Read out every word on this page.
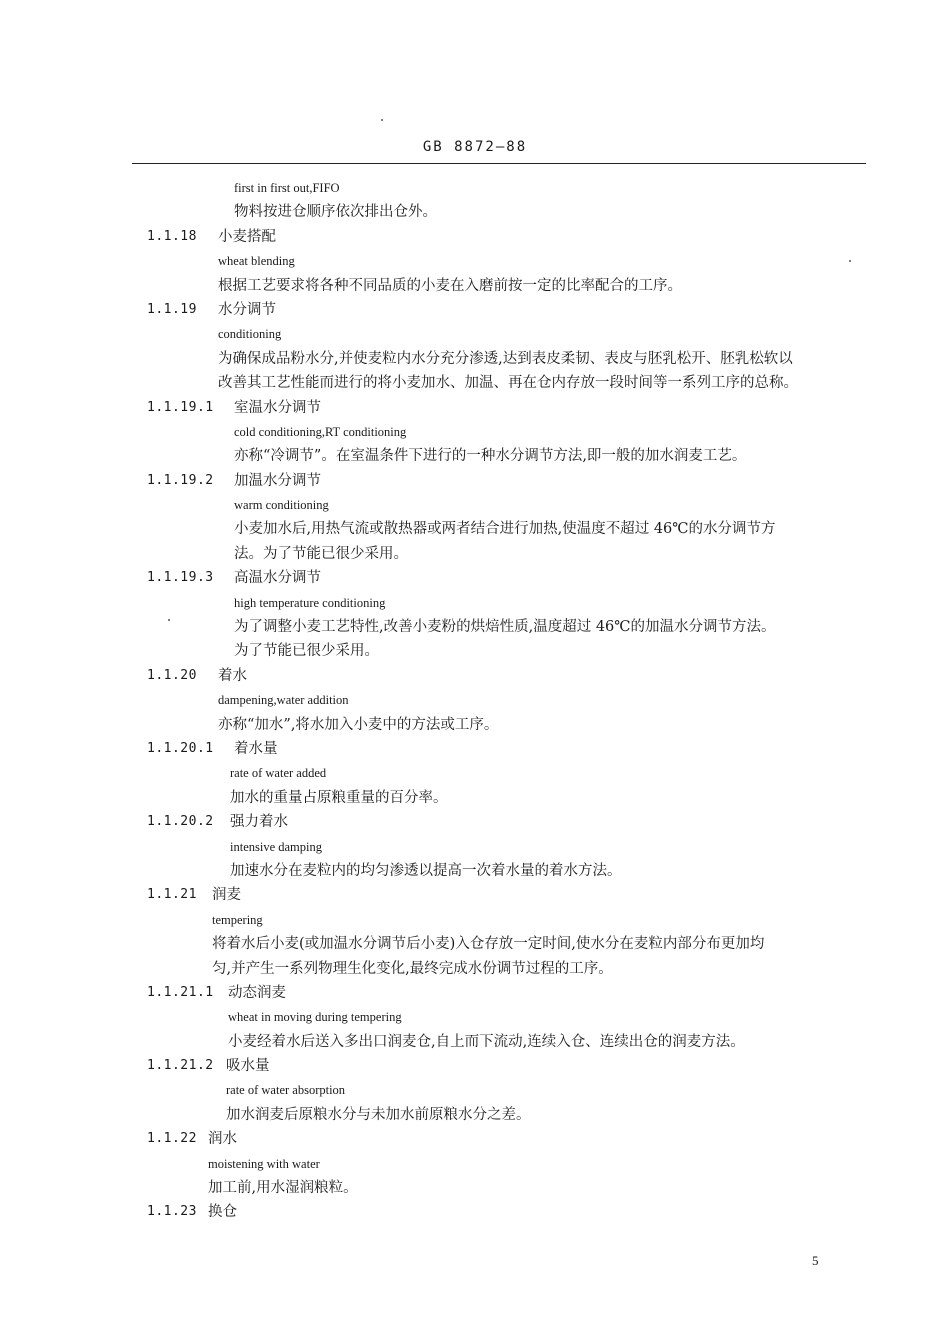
GB 8872—88
first in first out,FIFO
物料按进仓顺序依次排出仓外。
1.1.18 小麦搭配
wheat blending
根据工艺要求将各种不同品质的小麦在入磨前按一定的比率配合的工序。
1.1.19 水分调节
conditioning
为确保成品粉水分,并使麦粒内水分充分渗透,达到表皮柔韧、表皮与胚乳松开、胚乳松软以
改善其工艺性能而进行的将小麦加水、加温、再在仓内存放一段时间等一系列工序的总称。
1.1.19.1 室温水分调节
cold conditioning,RT conditioning
亦称“冷调节”。在室温条件下进行的一种水分调节方法,即一般的加水润麦工艺。
1.1.19.2 加温水分调节
warm conditioning
小麦加水后,用热气流或散热器或两者结合进行加热,使温度不超过 46℃的水分调节方
法。为了节能已很少采用。
1.1.19.3 高温水分调节
high temperature conditioning
为了调整小麦工艺特性,改善小麦粉的烘焙性质,温度超过 46℃的加温水分调节方法。
为了节能已很少采用。
1.1.20 着水
dampening,water addition
亦称“加水”,将水加入小麦中的方法或工序。
1.1.20.1 着水量
rate of water added
加水的重量占原粮重量的百分率。
1.1.20.2 强力着水
intensive damping
加速水分在麦粒内的均匀渗透以提高一次着水量的着水方法。
1.1.21 润麦
tempering
将着水后小麦(或加温水分调节后小麦)入仓存放一定时间,使水分在麦粒内部分布更加均
匀,并产生一系列物理生化变化,最终完成水份调节过程的工序。
1.1.21.1 动态润麦
wheat in moving during tempering
小麦经着水后送入多出口润麦仓,自上而下流动,连续入仓、连续出仓的润麦方法。
1.1.21.2 吸水量
rate of water absorption
加水润麦后原粮水分与未加水前原粮水分之差。
1.1.22 润水
moistening with water
加工前,用水湿润粮粒。
1.1.23 换仓
5
